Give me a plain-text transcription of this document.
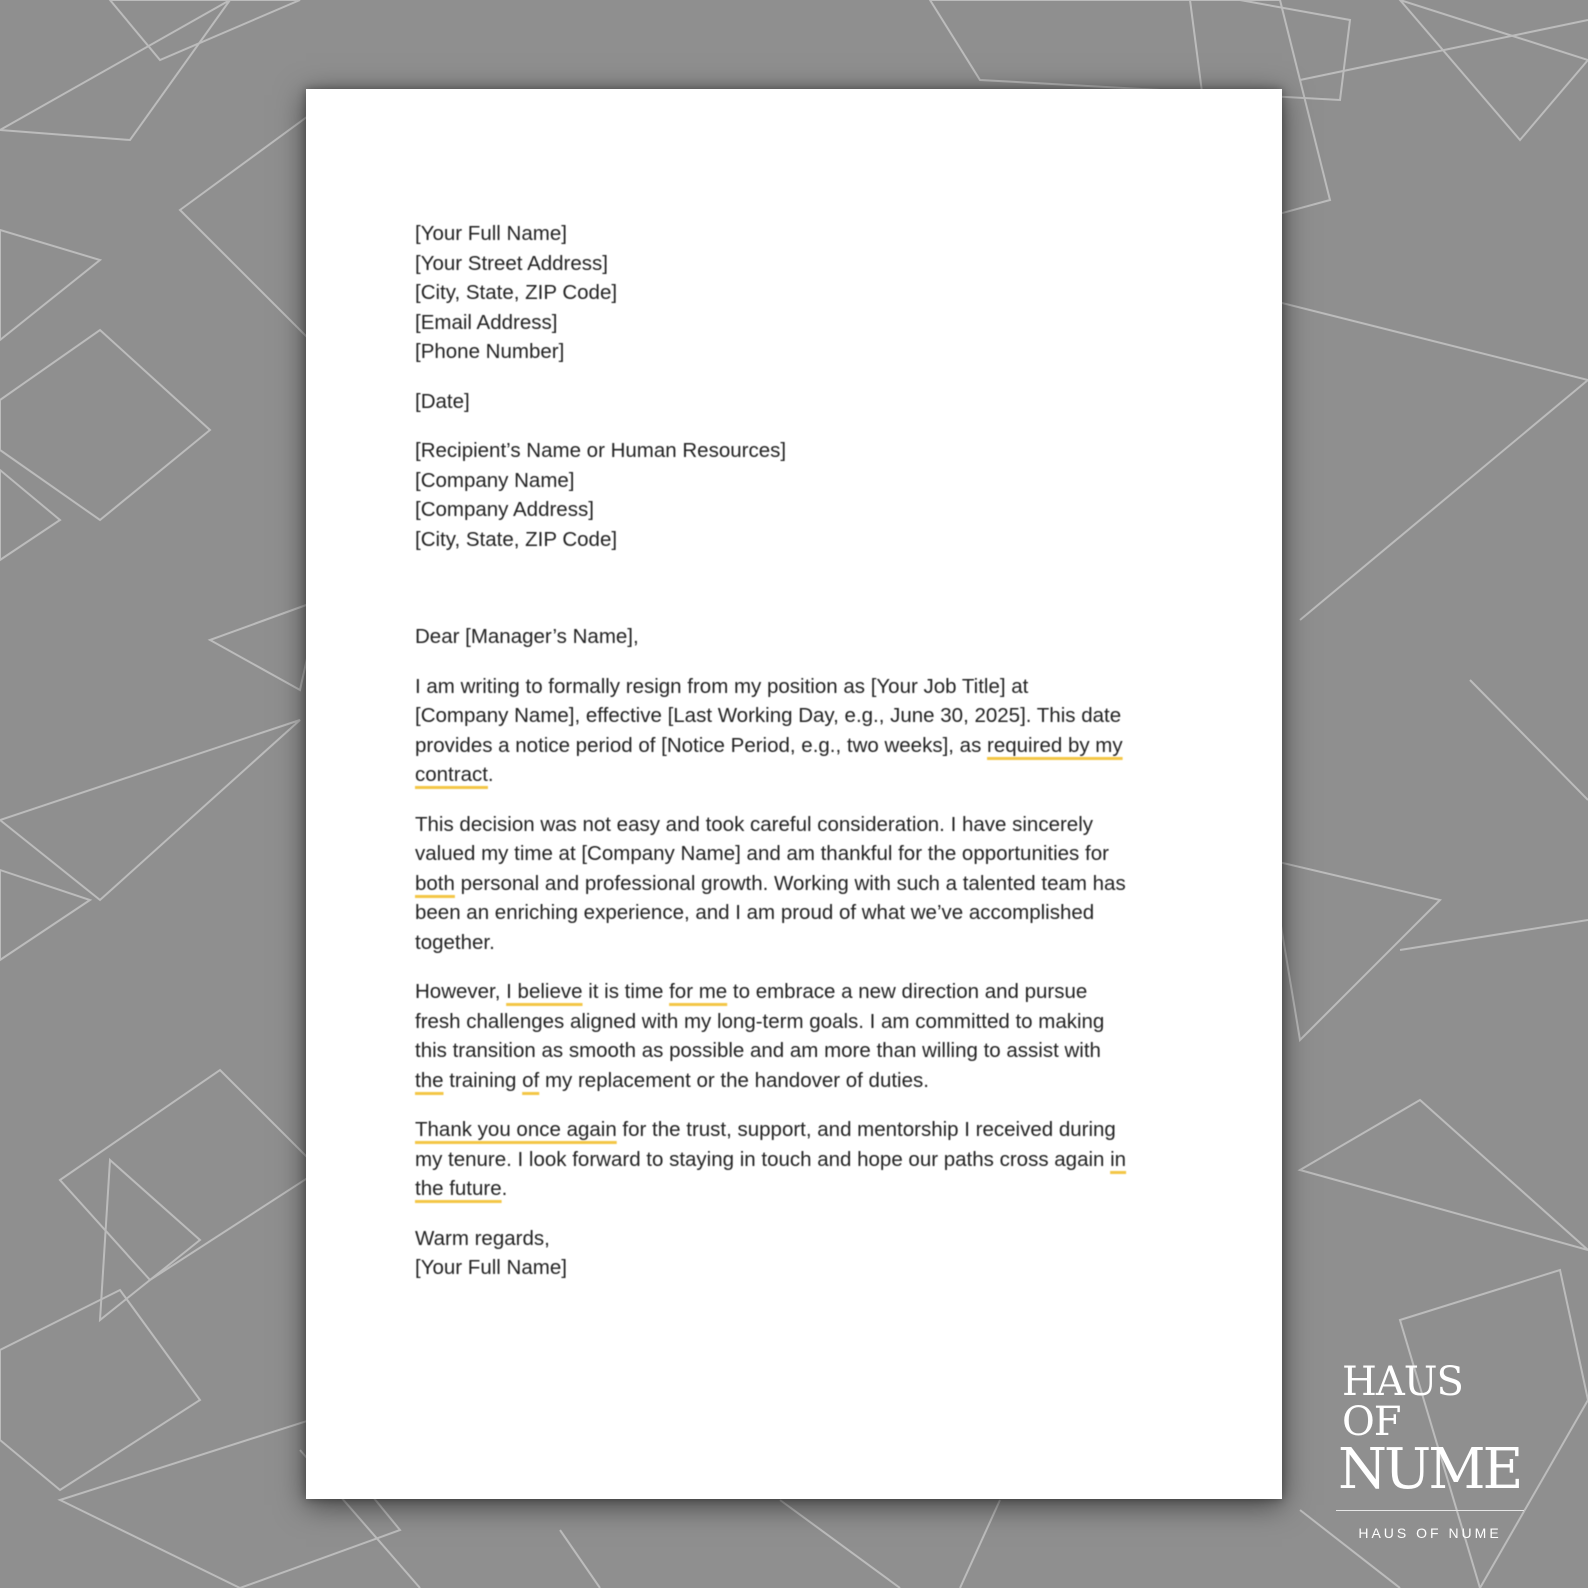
[Your Full Name]
[Your Street Address]
[City, State, ZIP Code]
[Email Address]
[Phone Number]
[Date]
[Recipient’s Name or Human Resources]
[Company Name]
[Company Address]
[City, State, ZIP Code]
Dear [Manager’s Name],
I am writing to formally resign from my position as [Your Job Title] at
[Company Name], effective [Last Working Day, e.g., June 30, 2025]. This date
provides a notice period of [Notice Period, e.g., two weeks], as required by my
contract.
This decision was not easy and took careful consideration. I have sincerely
valued my time at [Company Name] and am thankful for the opportunities for
both personal and professional growth. Working with such a talented team has
been an enriching experience, and I am proud of what we’ve accomplished
together.
However, I believe it is time for me to embrace a new direction and pursue
fresh challenges aligned with my long-term goals. I am committed to making
this transition as smooth as possible and am more than willing to assist with
the training of my replacement or the handover of duties.
Thank you once again for the trust, support, and mentorship I received during
my tenure. I look forward to staying in touch and hope our paths cross again in
the future.
Warm regards,
[Your Full Name]
HAUS OF
NUME
HAUS OF NUME
